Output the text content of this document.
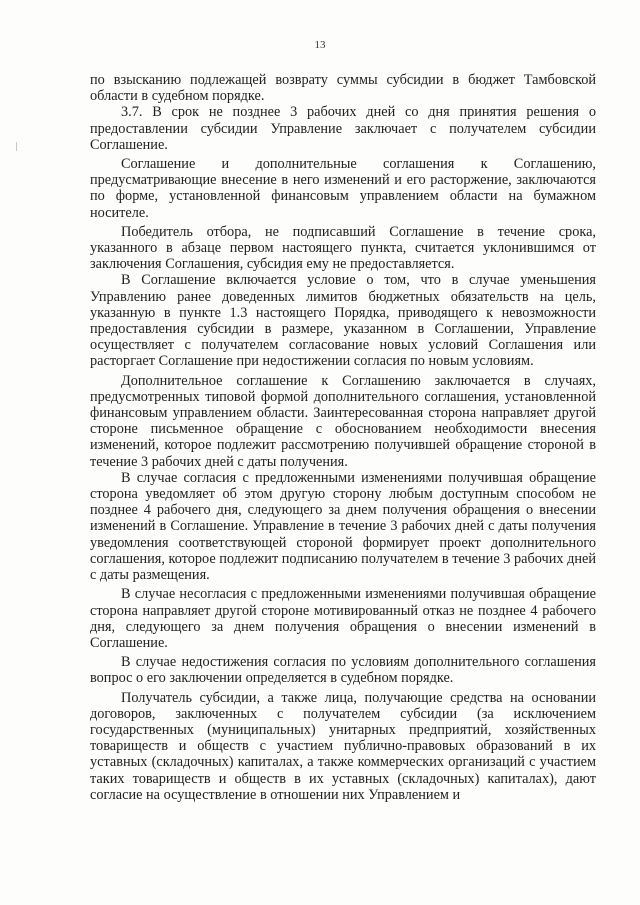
13

по взысканию подлежащей возврату суммы субсидии в бюджет Тамбовской области в судебном порядке.

3.7. В срок не позднее 3 рабочих дней со дня принятия решения о предоставлении субсидии Управление заключает с получателем субсидии Соглашение.

Соглашение и дополнительные соглашения к Соглашению, предусматривающие внесение в него изменений и его расторжение, заключаются по форме, установленной финансовым управлением области на бумажном носителе.

Победитель отбора, не подписавший Соглашение в течение срока, указанного в абзаце первом настоящего пункта, считается уклонившимся от заключения Соглашения, субсидия ему не предоставляется.

В Соглашение включается условие о том, что в случае уменьшения Управлению ранее доведенных лимитов бюджетных обязательств на цель, указанную в пункте 1.3 настоящего Порядка, приводящего к невозможности предоставления субсидии в размере, указанном в Соглашении, Управление осуществляет с получателем согласование новых условий Соглашения или расторгает Соглашение при недостижении согласия по новым условиям.

Дополнительное соглашение к Соглашению заключается в случаях, предусмотренных типовой формой дополнительного соглашения, установленной финансовым управлением области. Заинтересованная сторона направляет другой стороне письменное обращение с обоснованием необходимости внесения изменений, которое подлежит рассмотрению получившей обращение стороной в течение 3 рабочих дней с даты получения.

В случае согласия с предложенными изменениями получившая обращение сторона уведомляет об этом другую сторону любым доступным способом не позднее 4 рабочего дня, следующего за днем получения обращения о внесении изменений в Соглашение. Управление в течение 3 рабочих дней с даты получения уведомления соответствующей стороной формирует проект дополнительного соглашения, которое подлежит подписанию получателем в течение 3 рабочих дней с даты размещения.

В случае несогласия с предложенными изменениями получившая обращение сторона направляет другой стороне мотивированный отказ не позднее 4 рабочего дня, следующего за днем получения обращения о внесении изменений в Соглашение.

В случае недостижения согласия по условиям дополнительного соглашения вопрос о его заключении определяется в судебном порядке.

Получатель субсидии, а также лица, получающие средства на основании договоров, заключенных с получателем субсидии (за исключением государственных (муниципальных) унитарных предприятий, хозяйственных товариществ и обществ с участием публично-правовых образований в их уставных (складочных) капиталах, а также коммерческих организаций с участием таких товариществ и обществ в их уставных (складочных) капиталах), дают согласие на осуществление в отношении них Управлением и
